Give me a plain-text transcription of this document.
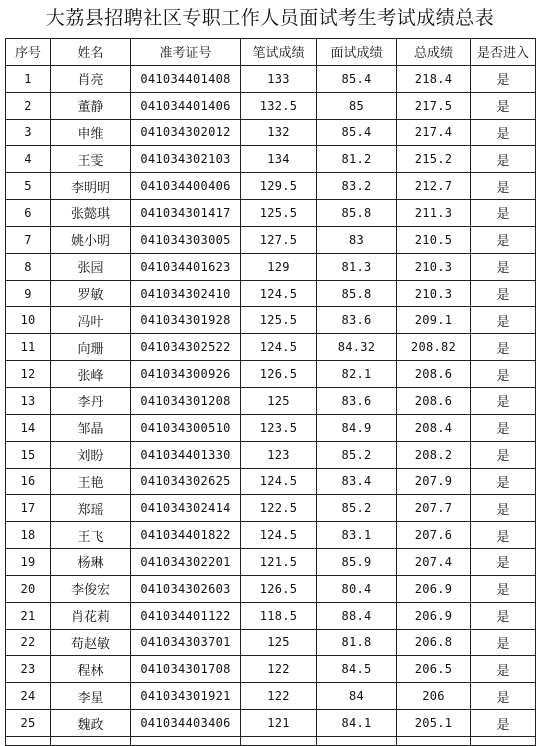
大荔县招聘社区专职工作人员面试考生考试成绩总表
序号	姓名	准考证号	笔试成绩	面试成绩	总成绩	是否进入
1	肖亮	041034401408	133	85.4	218.4	是
2	董静	041034401406	132.5	85	217.5	是
3	申维	041034302012	132	85.4	217.4	是
4	王雯	041034302103	134	81.2	215.2	是
5	李明明	041034400406	129.5	83.2	212.7	是
6	张懿琪	041034301417	125.5	85.8	211.3	是
7	姚小明	041034303005	127.5	83	210.5	是
8	张园	041034401623	129	81.3	210.3	是
9	罗敏	041034302410	124.5	85.8	210.3	是
10	冯叶	041034301928	125.5	83.6	209.1	是
11	向珊	041034302522	124.5	84.32	208.82	是
12	张峰	041034300926	126.5	82.1	208.6	是
13	李丹	041034301208	125	83.6	208.6	是
14	邹晶	041034300510	123.5	84.9	208.4	是
15	刘盼	041034401330	123	85.2	208.2	是
16	王艳	041034302625	124.5	83.4	207.9	是
17	郑瑶	041034302414	122.5	85.2	207.7	是
18	王飞	041034401822	124.5	83.1	207.6	是
19	杨琳	041034302201	121.5	85.9	207.4	是
20	李俊宏	041034302603	126.5	80.4	206.9	是
21	肖花莉	041034401122	118.5	88.4	206.9	是
22	苟赵敏	041034303701	125	81.8	206.8	是
23	程林	041034301708	122	84.5	206.5	是
24	李星	041034301921	122	84	206	是
25	魏政	041034403406	121	84.1	205.1	是
